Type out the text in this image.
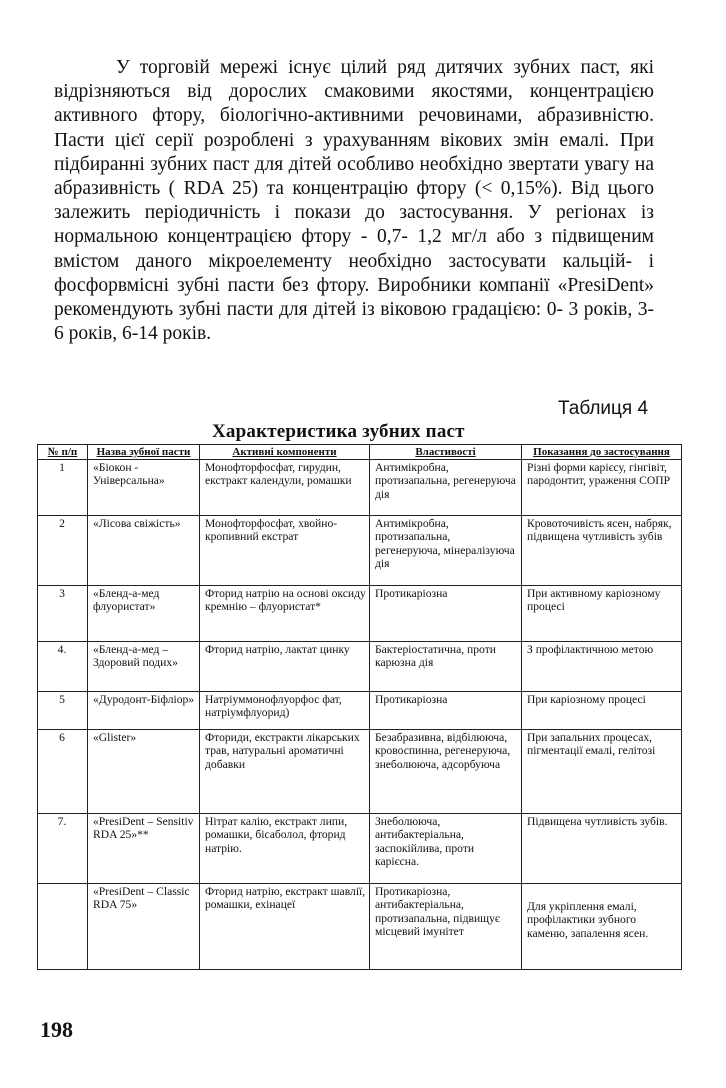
У торговій мережі існує цілий ряд дитячих зубних паст, які відрізняються від дорослих смаковими якостями, концентрацією активного фтору, біологічно-активними речовинами, абразивністю. Пасти цієї серії розроблені з урахуванням вікових змін емалі. При підбиранні зубних паст для дітей особливо необхідно звертати увагу на абразивність ( RDA 25) та концентрацію фтору (< 0,15%). Від цього залежить періодичність і покази до застосування. У регіонах із нормальною концентрацією фтору - 0,7- 1,2 мг/л або з підвищеним вмістом даного мікроелементу необхідно застосувати кальцій- і фосфорвмісні зубні пасти без фтору. Виробники компанії «PresiDent» рекомендують зубні пасти для дітей із віковою градацією: 0- 3 років, 3-6 років, 6-14 років.

Таблиця 4
Характеристика зубних паст
№ п/п	Назва зубної пасти	Активні компоненти	Властивості	Показання до застосування
1	«Біокон - Універсальна»	Монофторфосфат, гирудин, екстракт календули, ромашки	Антимікробна, протизапальна, регенеруюча дія	Різні форми карієсу, гінгівіт, пародонтит, ураження СОПР
2	«Лісова свіжість»	Монофторфосфат, хвойно-кропивний екстрат	Антимікробна, протизапальна, регенеруюча, мінералізуюча дія	Кровоточивість ясен, набряк, підвищена чутливість зубів
3	«Бленд-а-мед флуористат»	Фторид натрію на основі оксиду кремнію – флуористат*	Протикаріозна	При активному каріозному процесі
4.	«Бленд-а-мед – Здоровий подих»	Фторид натрію, лактат цинку	Бактеріостатична, проти карюзна дія	З профілактичною метою
5	«Дуродонт-Біфліор»	Натріуммонофлуорфос фат, натріумфлуорид)	Протикаріозна	При каріозному процесі
6	«Glister»	Фториди, екстракти лікарських трав, натуральні ароматичні добавки	Безабразивна, відбілююча, кровоспинна, регенеруюча, знеболююча, адсорбуюча	При запальних процесах, пігментації емалі, гелітозі
7.	«PresiDent – Sensitiv RDA 25»**	Нітрат калію, екстракт липи, ромашки, бісаболол, фторид натрію.	Знеболююча, антибактеріальна, заспокійлива, проти карієсна.	Підвищена чутливість зубів.
	«PresiDent – Classic RDA 75»	Фторид натрію, екстракт шавлії, ромашки, ехінацеї	Протикаріозна, антибактеріальна, протизапальна, підвищує місцевий імунітет	Для укріплення емалі, профілактики зубного каменю, запалення ясен.
198
